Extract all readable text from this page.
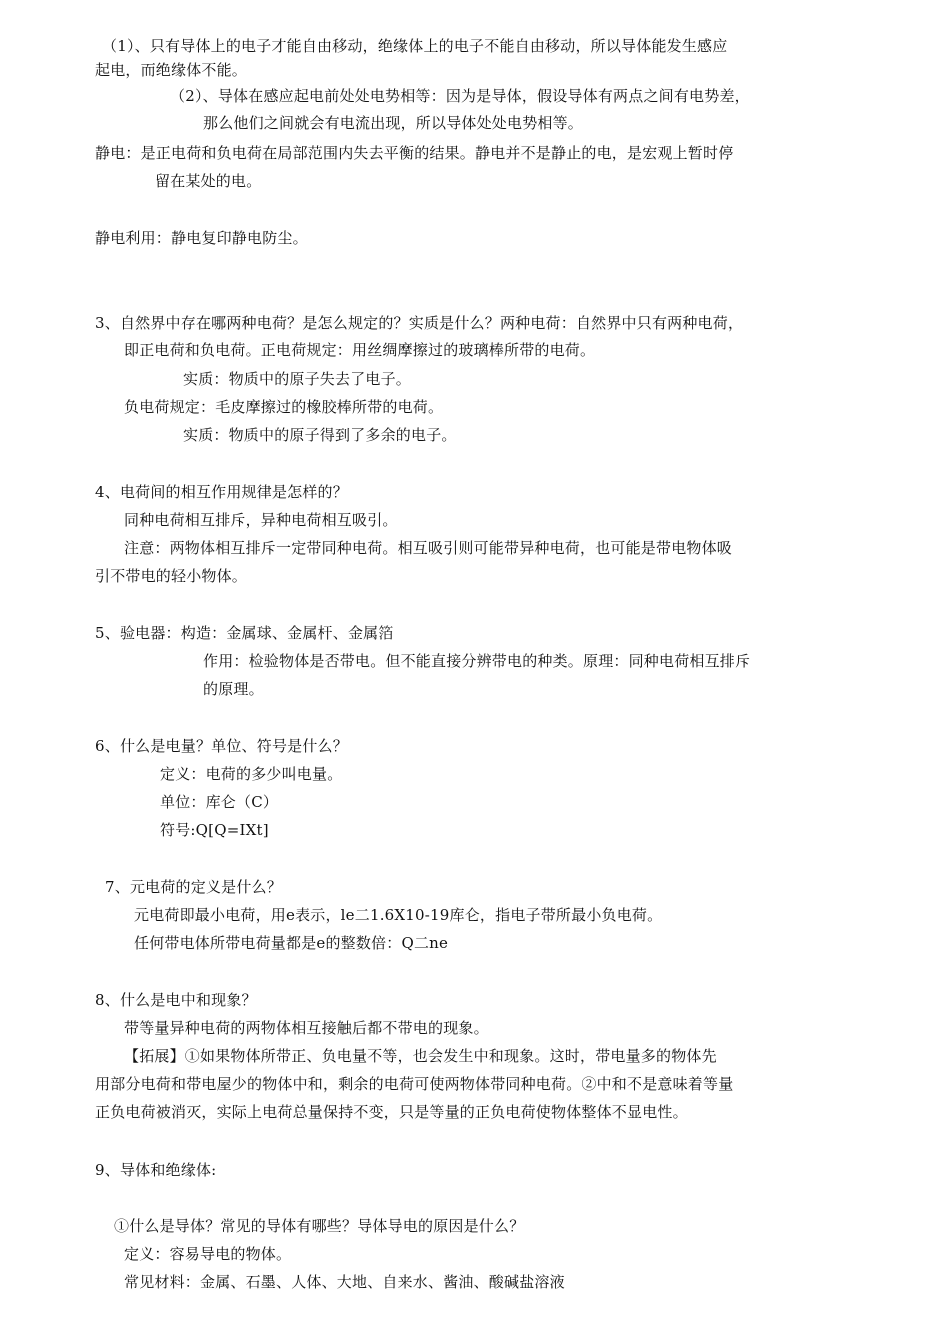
（1）、只有导体上的电子才能自由移动，绝缘体上的电子不能自由移动，所以导体能发生感应
起电，而绝缘体不能。
（2）、导体在感应起电前处处电势相等：因为是导体，假设导体有两点之间有电势差，
那么他们之间就会有电流出现，所以导体处处电势相等。
静电：是正电荷和负电荷在局部范围内失去平衡的结果。静电并不是静止的电，是宏观上暂时停
留在某处的电。
静电利用：静电复印静电防尘。
3、自然界中存在哪两种电荷？是怎么规定的？实质是什么？两种电荷：自然界中只有两种电荷，
即正电荷和负电荷。正电荷规定：用丝绸摩擦过的玻璃棒所带的电荷。
实质：物质中的原子失去了电子。
负电荷规定：毛皮摩擦过的橡胶棒所带的电荷。
实质：物质中的原子得到了多余的电子。
4、电荷间的相互作用规律是怎样的？
同种电荷相互排斥，异种电荷相互吸引。
注意：两物体相互排斥一定带同种电荷。相互吸引则可能带异种电荷，也可能是带电物体吸
引不带电的轻小物体。
5、验电器：构造：金属球、金属杆、金属箔
作用：检验物体是否带电。但不能直接分辨带电的种类。原理：同种电荷相互排斥
的原理。
6、什么是电量？单位、符号是什么？
定义：电荷的多少叫电量。
单位：库仑（C）
符号:Q[Q=IXt]
7、元电荷的定义是什么？
元电荷即最小电荷，用e表示，le二1.6X10-19库仑，指电子带所最小负电荷。
任何带电体所带电荷量都是e的整数倍：Q二ne
8、什么是电中和现象？
带等量异种电荷的两物体相互接触后都不带电的现象。
【拓展】①如果物体所带正、负电量不等，也会发生中和现象。这时，带电量多的物体先
用部分电荷和带电屋少的物体中和，剩余的电荷可使两物体带同种电荷。②中和不是意味着等量
正负电荷被消灭，实际上电荷总量保持不变，只是等量的正负电荷使物体整体不显电性。
9、导体和绝缘体:
①什么是导体？常见的导体有哪些？导体导电的原因是什么？
定义：容易导电的物体。
常见材料：金属、石墨、人体、大地、自来水、酱油、酸碱盐溶液
